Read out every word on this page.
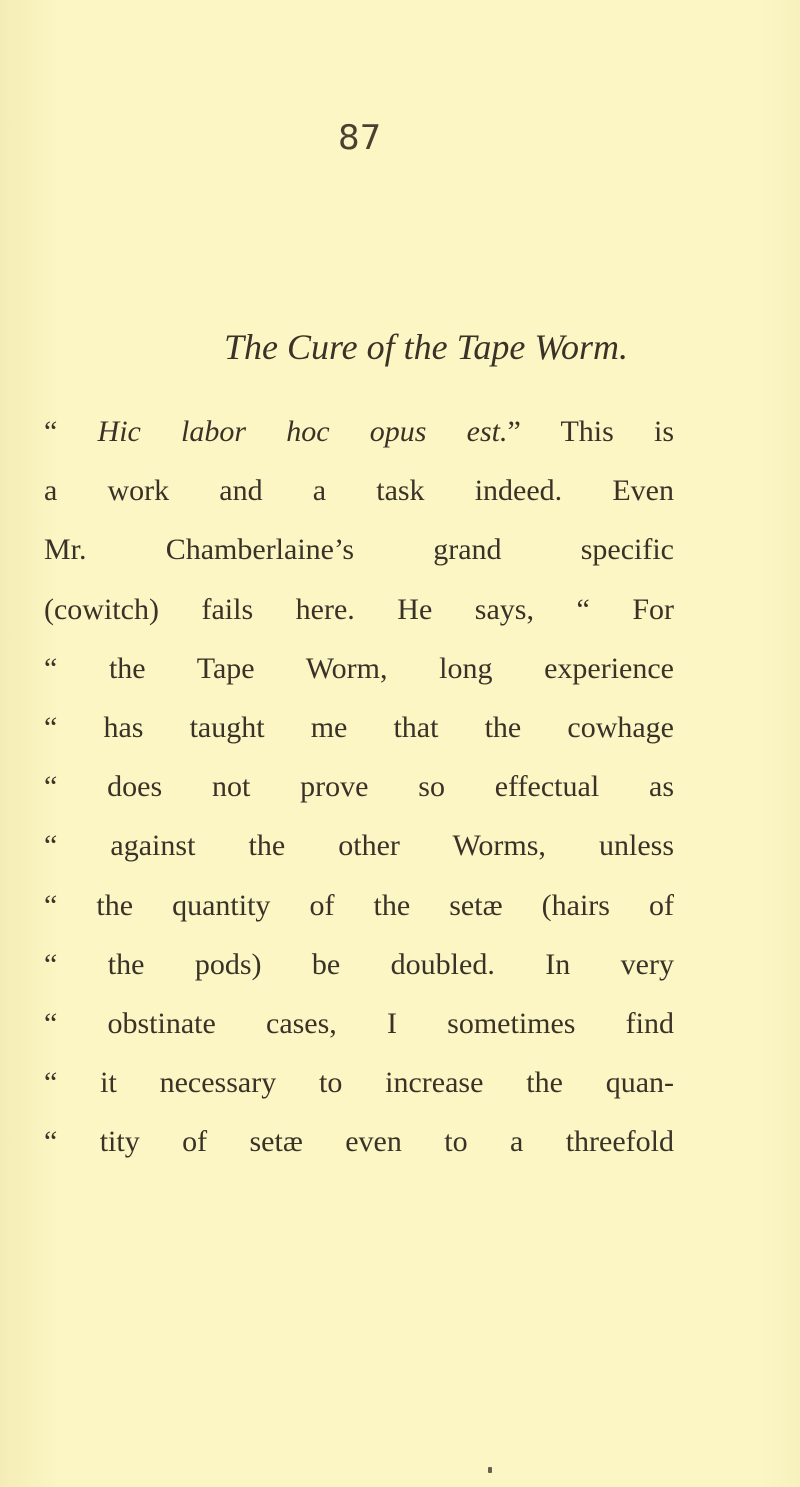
87
The Cure of the Tape Worm.
“ Hic labor hoc opus est.” This is
a work and a task indeed. Even
Mr. Chamberlaine’s grand specific
(cowitch) fails here. He says, “ For
“ the Tape Worm, long experience
“ has taught me that the cowhage
“ does not prove so effectual as
“ against the other Worms, unless
“ the quantity of the setæ (hairs of
“ the pods) be doubled. In very
“ obstinate cases, I sometimes find
“ it necessary to increase the quan-
“ tity of setæ even to a threefold
